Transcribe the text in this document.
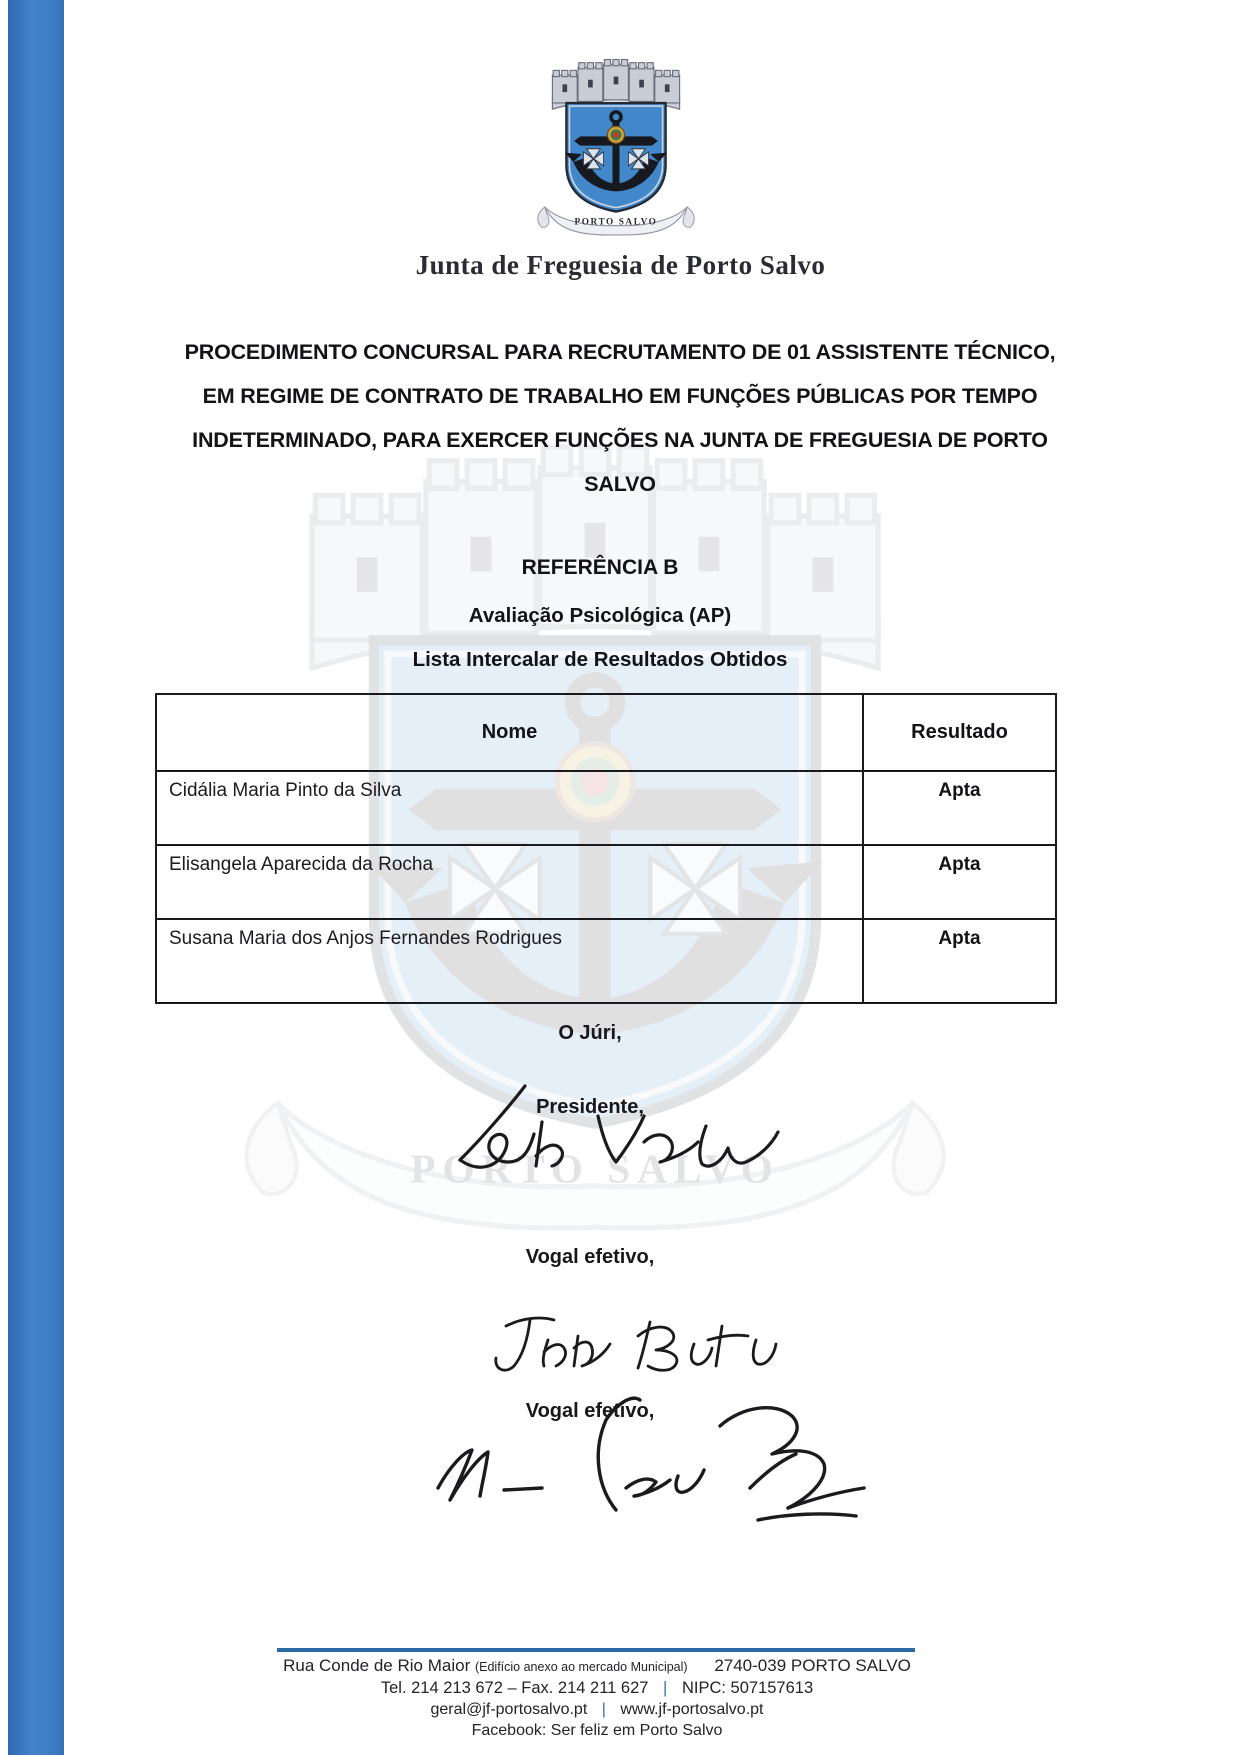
Junta de Freguesia de Porto Salvo
PROCEDIMENTO CONCURSAL PARA RECRUTAMENTO DE 01 ASSISTENTE TÉCNICO,
EM REGIME DE CONTRATO DE TRABALHO EM FUNÇÕES PÚBLICAS POR TEMPO
INDETERMINADO, PARA EXERCER FUNÇÕES NA JUNTA DE FREGUESIA DE PORTO
SALVO
REFERÊNCIA B
Avaliação Psicológica (AP)
Lista Intercalar de Resultados Obtidos
Nome	Resultado
Cidália Maria Pinto da Silva	Apta
Elisangela Aparecida da Rocha	Apta
Susana Maria dos Anjos Fernandes Rodrigues	Apta
O Júri,
Presidente,
Vogal efetivo,
Vogal efetivo,
Rua Conde de Rio Maior (Edifício anexo ao mercado Municipal) 2740-039 PORTO SALVO
Tel. 214 213 672 – Fax. 214 211 627 | NIPC: 507157613
geral@jf-portosalvo.pt | www.jf-portosalvo.pt
Facebook: Ser feliz em Porto Salvo
